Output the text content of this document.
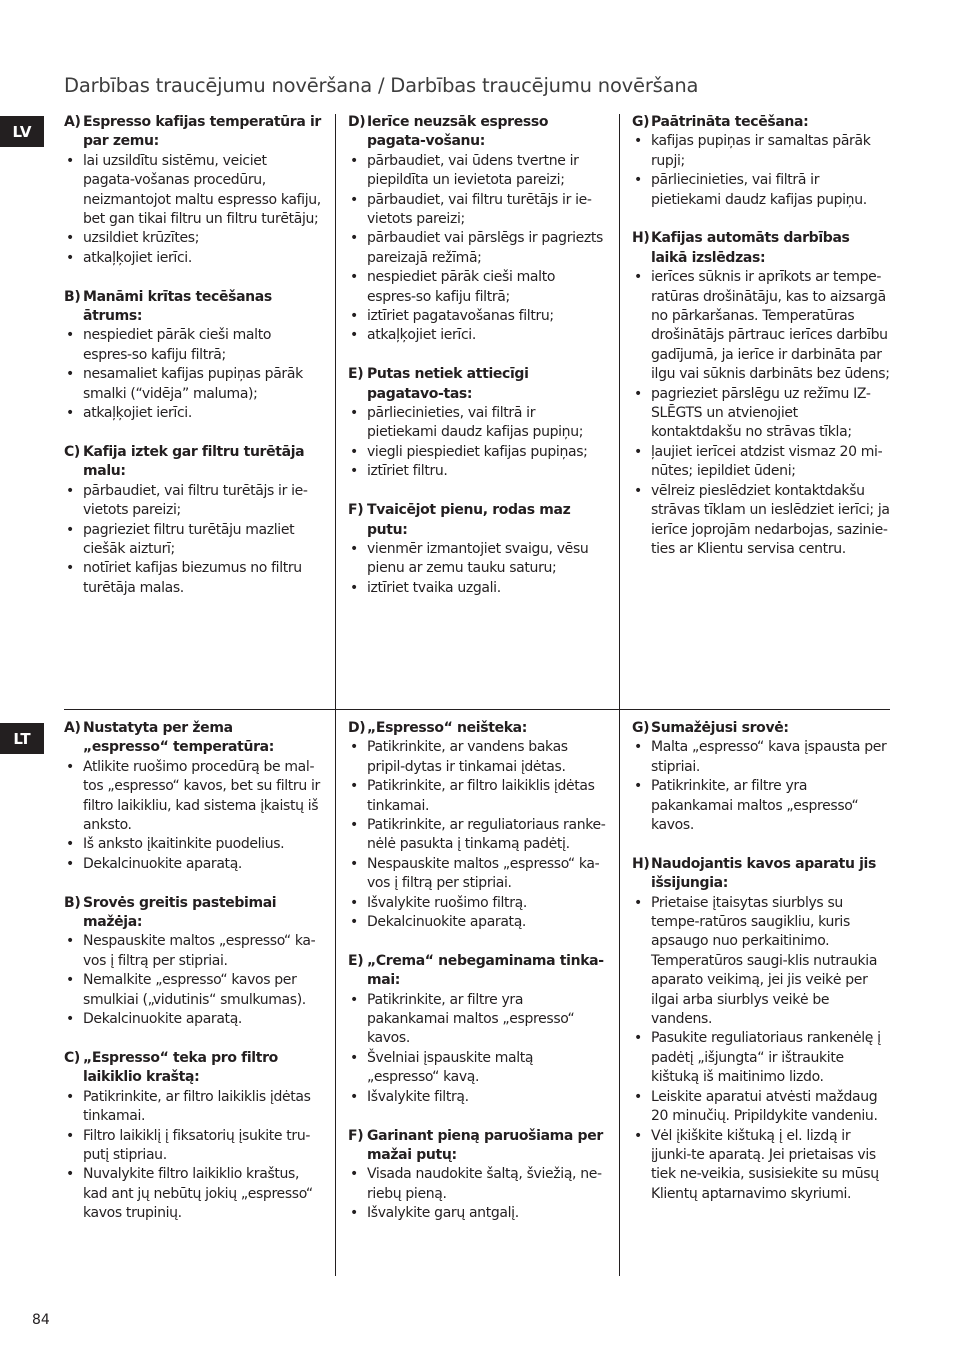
Darbības traucējumu novēršana / Darbības traucējumu novēršana
LV
LT
A) Espresso kafijas temperatūra ir par zemu:
• lai uzsildītu sistēmu, veiciet pagata-vošanas procedūru, neizmantojot maltu espresso kafiju, bet gan tikai filtru un filtru turētāju;
• uzsildiet krūzītes;
• atkaļķojiet ierīci.
B) Manāmi krītas tecēšanas ātrums:
• nespiediet pārāk cieši malto espres-so kafiju filtrā;
• nesamaliet kafijas pupiņas pārāk smalki (“vidēja” maluma);
• atkaļķojiet ierīci.
C) Kafija iztek gar filtru turētāja malu:
• pārbaudiet, vai filtru turētājs ir ie-vietots pareizi;
• pagrieziet filtru turētāju mazliet ciešāk aizturī;
• notīriet kafijas biezumus no filtru turētāja malas.
D) Ierīce neuzsāk espresso pagata-vošanu:
• pārbaudiet, vai ūdens tvertne ir piepildīta un ievietota pareizi;
• pārbaudiet, vai filtru turētājs ir ie-vietots pareizi;
• pārbaudiet vai pārslēgs ir pagriezts pareizajā režīmā;
• nespiediet pārāk cieši malto espres-so kafiju filtrā;
• iztīriet pagatavošanas filtru;
• atkaļķojiet ierīci.
E) Putas netiek attiecīgi pagatavo-tas:
• pārliecinieties, vai filtrā ir pietiekami daudz kafijas pupiņu;
• viegli piespiediet kafijas pupiņas;
• iztīriet filtru.
F) Tvaicējot pienu, rodas maz putu:
• vienmēr izmantojiet svaigu, vēsu pienu ar zemu tauku saturu;
• iztīriet tvaika uzgali.
G) Paātrināta tecēšana:
• kafijas pupiņas ir samaltas pārāk rupji;
• pārliecinieties, vai filtrā ir pietiekami daudz kafijas pupiņu.
H) Kafijas automāts darbības laikā izslēdzas:
• ierīces sūknis ir aprīkots ar tempe-ratūras drošinātāju, kas to aizsargā no pārkaršanas. Temperatūras drošinātājs pārtrauc ierīces darbību gadījumā, ja ierīce ir darbināta par ilgu vai sūknis darbināts bez ūdens;
• pagrieziet pārslēgu uz režīmu IZ-SLĒGTS un atvienojiet kontaktdakšu no strāvas tīkla;
• ļaujiet ierīcei atdzist vismaz 20 mi-nūtes; iepildiet ūdeni;
• vēlreiz pieslēdziet kontaktdakšu strāvas tīklam un ieslēdziet ierīci; ja ierīce joprojām nedarbojas, sazinie-ties ar Klientu servisa centru.
A) Nustatyta per žema „espresso“ temperatūra:
• Atlikite ruošimo procedūrą be mal-tos „espresso“ kavos, bet su filtru ir filtro laikikliu, kad sistema įkaistų iš anksto.
• Iš anksto įkaitinkite puodelius.
• Dekalcinuokite aparatą.
B) Srovės greitis pastebimai mažėja:
• Nespauskite maltos „espresso“ ka-vos į filtrą per stipriai.
• Nemalkite „espresso“ kavos per smulkiai („vidutinis“ smulkumas).
• Dekalcinuokite aparatą.
C) „Espresso“ teka pro filtro laikiklio kraštą:
• Patikrinkite, ar filtro laikiklis įdėtas tinkamai.
• Filtro laikiklį į fiksatorių įsukite tru-putį stipriau.
• Nuvalykite filtro laikiklio kraštus, kad ant jų nebūtų jokių „espresso“ kavos trupinių.
D) „Espresso“ neišteka:
• Patikrinkite, ar vandens bakas pripil-dytas ir tinkamai įdėtas.
• Patikrinkite, ar filtro laikiklis įdėtas tinkamai.
• Patikrinkite, ar reguliatoriaus ranke-nėlė pasukta į tinkamą padėtį.
• Nespauskite maltos „espresso“ ka-vos į filtrą per stipriai.
• Išvalykite ruošimo filtrą.
• Dekalcinuokite aparatą.
E) „Crema“ nebegaminama tinka-mai:
• Patikrinkite, ar filtre yra pakankamai maltos „espresso“ kavos.
• Švelniai įspauskite maltą „espresso“ kavą.
• Išvalykite filtrą.
F) Garinant pieną paruošiama per mažai putų:
• Visada naudokite šaltą, šviežią, ne-riebų pieną.
• Išvalykite garų antgalį.
G) Sumažėjusi srovė:
• Malta „espresso“ kava įspausta per stipriai.
• Patikrinkite, ar filtre yra pakankamai maltos „espresso“ kavos.
H) Naudojantis kavos aparatu jis išsijungia:
• Prietaise įtaisytas siurblys su tempe-ratūros saugikliu, kuris apsaugo nuo perkaitinimo. Temperatūros saugi-klis nutraukia aparato veikimą, jei jis veikė per ilgai arba siurblys veikė be vandens.
• Pasukite reguliatoriaus rankenėlę į padėtį „išjungta“ ir ištraukite kištuką iš maitinimo lizdo.
• Leiskite aparatui atvėsti maždaug 20 minučių. Pripildykite vandeniu.
• Vėl įkiškite kištuką į el. lizdą ir įjunki-te aparatą. Jei prietaisas vis tiek ne-veikia, susisiekite su mūsų Klientų aptarnavimo skyriumi.
84
